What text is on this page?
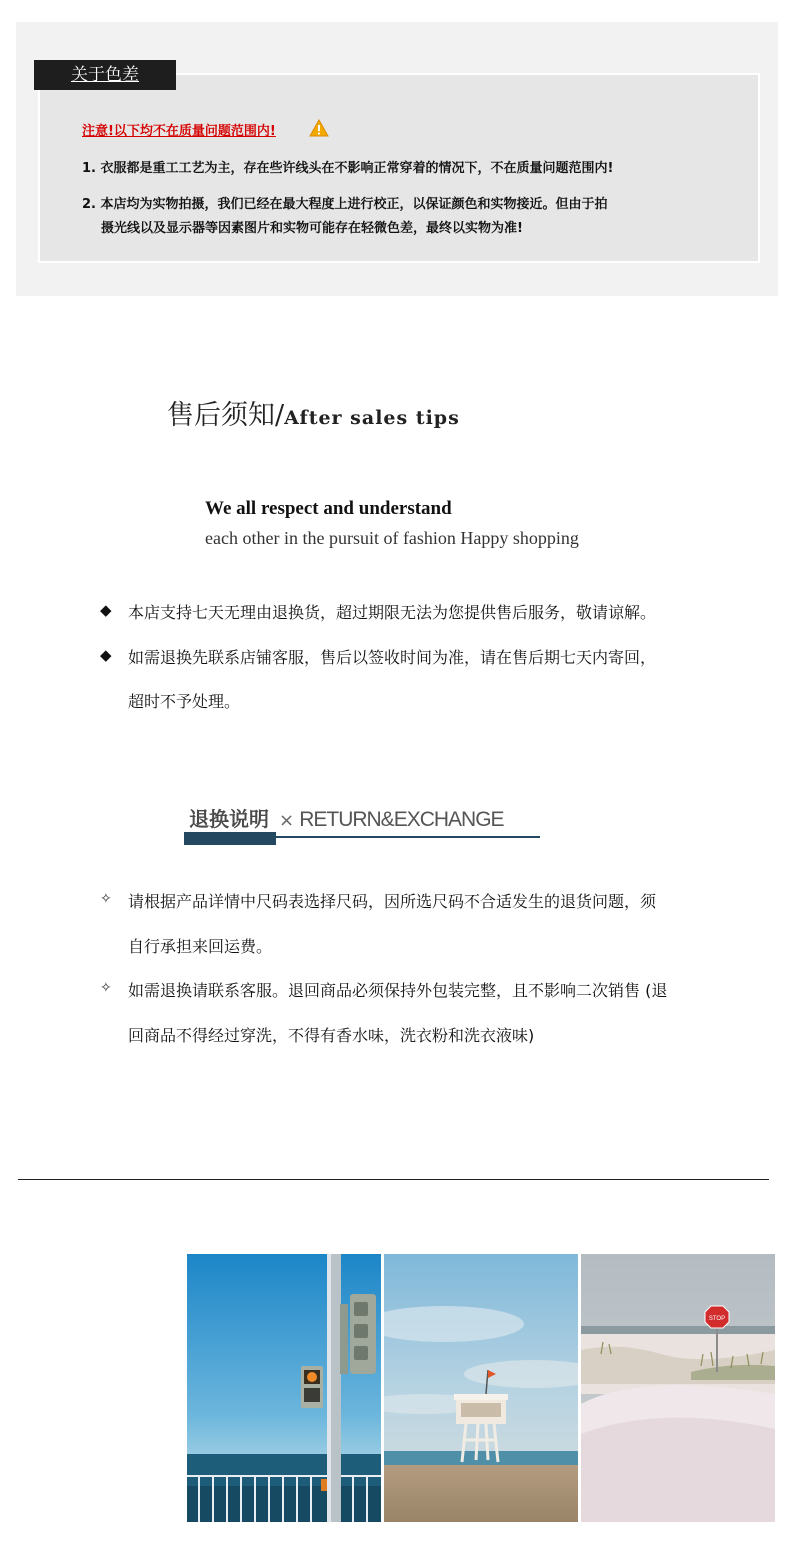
关于色差
注意!以下均不在质量问题范围内!
1. 衣服都是重工工艺为主，存在些许线头在不影响正常穿着的情况下，不在质量问题范围内!
2. 本店均为实物拍摄，我们已经在最大程度上进行校正，以保证颜色和实物接近。但由于拍
摄光线以及显示器等因素图片和实物可能存在轻微色差，最终以实物为准!
售后须知/After sales tips
We all respect and understand
each other in the pursuit of fashion Happy shopping
◆ 本店支持七天无理由退换货，超过期限无法为您提供售后服务，敬请谅解。
◆ 如需退换先联系店铺客服，售后以签收时间为准，请在售后期七天内寄回，
超时不予处理。
退换说明 × RETURN&EXCHANGE
✧ 请根据产品详情中尺码表选择尺码，因所选尺码不合适发生的退货问题，须
自行承担来回运费。
✧ 如需退换请联系客服。退回商品必须保持外包装完整，且不影响二次销售 (退
回商品不得经过穿洗，不得有香水味，洗衣粉和洗衣液味)
STOP
